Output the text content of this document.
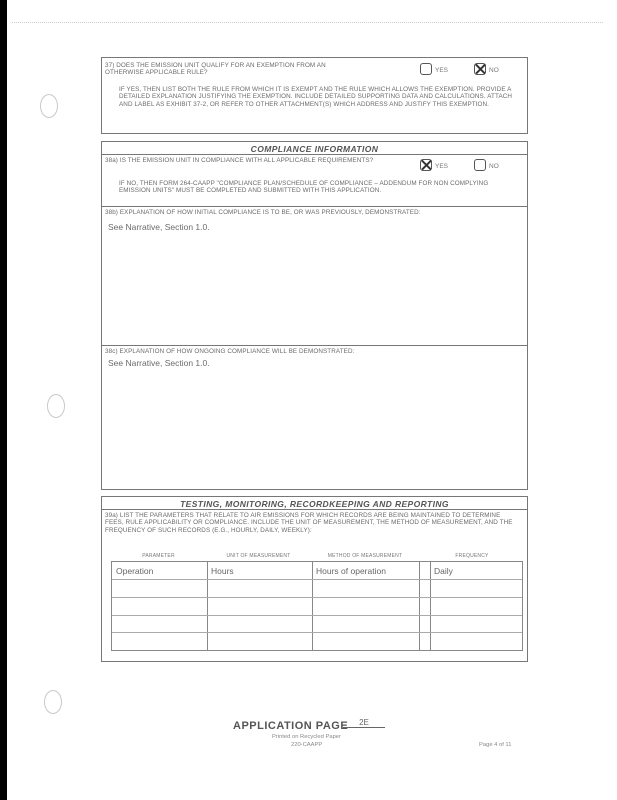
37) DOES THE EMISSION UNIT QUALIFY FOR AN EXEMPTION FROM AN OTHERWISE APPLICABLE RULE?	YES	NO
IF YES, THEN LIST BOTH THE RULE FROM WHICH IT IS EXEMPT AND THE RULE WHICH ALLOWS THE EXEMPTION. PROVIDE A DETAILED EXPLANATION JUSTIFYING THE EXEMPTION. INCLUDE DETAILED SUPPORTING DATA AND CALCULATIONS. ATTACH AND LABEL AS EXHIBIT 37-2, OR REFER TO OTHER ATTACHMENT(S) WHICH ADDRESS AND JUSTIFY THIS EXEMPTION.
COMPLIANCE INFORMATION
38a) IS THE EMISSION UNIT IN COMPLIANCE WITH ALL APPLICABLE REQUIREMENTS?
YES	NO
IF NO, THEN FORM 264-CAAPP "COMPLIANCE PLAN/SCHEDULE OF COMPLIANCE – ADDENDUM FOR NON COMPLYING EMISSION UNITS" MUST BE COMPLETED AND SUBMITTED WITH THIS APPLICATION.
38b) EXPLANATION OF HOW INITIAL COMPLIANCE IS TO BE, OR WAS PREVIOUSLY, DEMONSTRATED:
See Narrative, Section 1.0.
38c) EXPLANATION OF HOW ONGOING COMPLIANCE WILL BE DEMONSTRATED:
See Narrative, Section 1.0.
TESTING, MONITORING, RECORDKEEPING AND REPORTING
39a) LIST THE PARAMETERS THAT RELATE TO AIR EMISSIONS FOR WHICH RECORDS ARE BEING MAINTAINED TO DETERMINE FEES, RULE APPLICABILITY OR COMPLIANCE. INCLUDE THE UNIT OF MEASUREMENT, THE METHOD OF MEASUREMENT, AND THE FREQUENCY OF SUCH RECORDS (E.G., HOURLY, DAILY, WEEKLY):
PARAMETER	UNIT OF MEASUREMENT	METHOD OF MEASUREMENT	FREQUENCY
Operation	Hours	Hours of operation	Daily
APPLICATION PAGE	2E
Printed on Recycled Paper
220-CAAPP	Page 4 of 11
